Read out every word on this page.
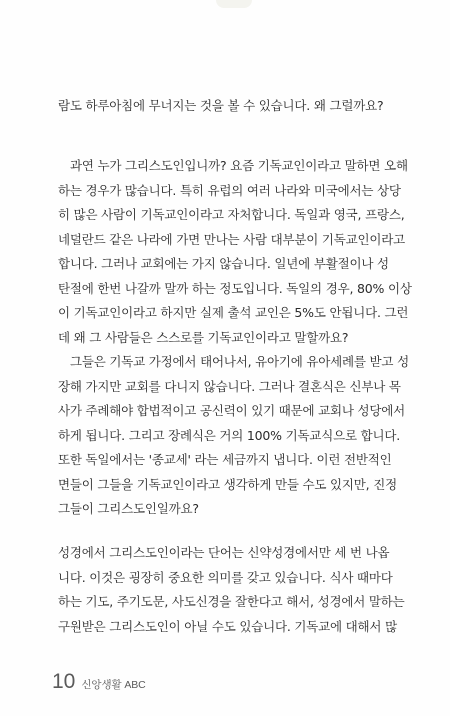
람도 하루아침에 무너지는 것을 볼 수 있습니다. 왜 그럴까요?
과연 누가 그리스도인입니까? 요즘 기독교인이라고 말하면 오해
하는 경우가 많습니다. 특히 유럽의 여러 나라와 미국에서는 상당
히 많은 사람이 기독교인이라고 자처합니다. 독일과 영국, 프랑스,
네덜란드 같은 나라에 가면 만나는 사람 대부분이 기독교인이라고
합니다. 그러나 교회에는 가지 않습니다. 일년에 부활절이나 성
탄절에 한번 나갈까 말까 하는 정도입니다. 독일의 경우, 80% 이상
이 기독교인이라고 하지만 실제 출석 교인은 5%도 안됩니다. 그런
데 왜 그 사람들은 스스로를 기독교인이라고 말할까요?
그들은 기독교 가정에서 태어나서, 유아기에 유아세례를 받고 성
장해 가지만 교회를 다니지 않습니다. 그러나 결혼식은 신부나 목
사가 주례해야 합법적이고 공신력이 있기 때문에 교회나 성당에서
하게 됩니다. 그리고 장례식은 거의 100% 기독교식으로 합니다.
또한 독일에서는 '종교세' 라는 세금까지 냅니다. 이런 전반적인
면들이 그들을 기독교인이라고 생각하게 만들 수도 있지만, 진정
그들이 그리스도인일까요?
성경에서 그리스도인이라는 단어는 신약성경에서만 세 번 나옵
니다. 이것은 굉장히 중요한 의미를 갖고 있습니다. 식사 때마다
하는 기도, 주기도문, 사도신경을 잘한다고 해서, 성경에서 말하는
구원받은 그리스도인이 아닐 수도 있습니다. 기독교에 대해서 많
10 신앙생활 ABC
